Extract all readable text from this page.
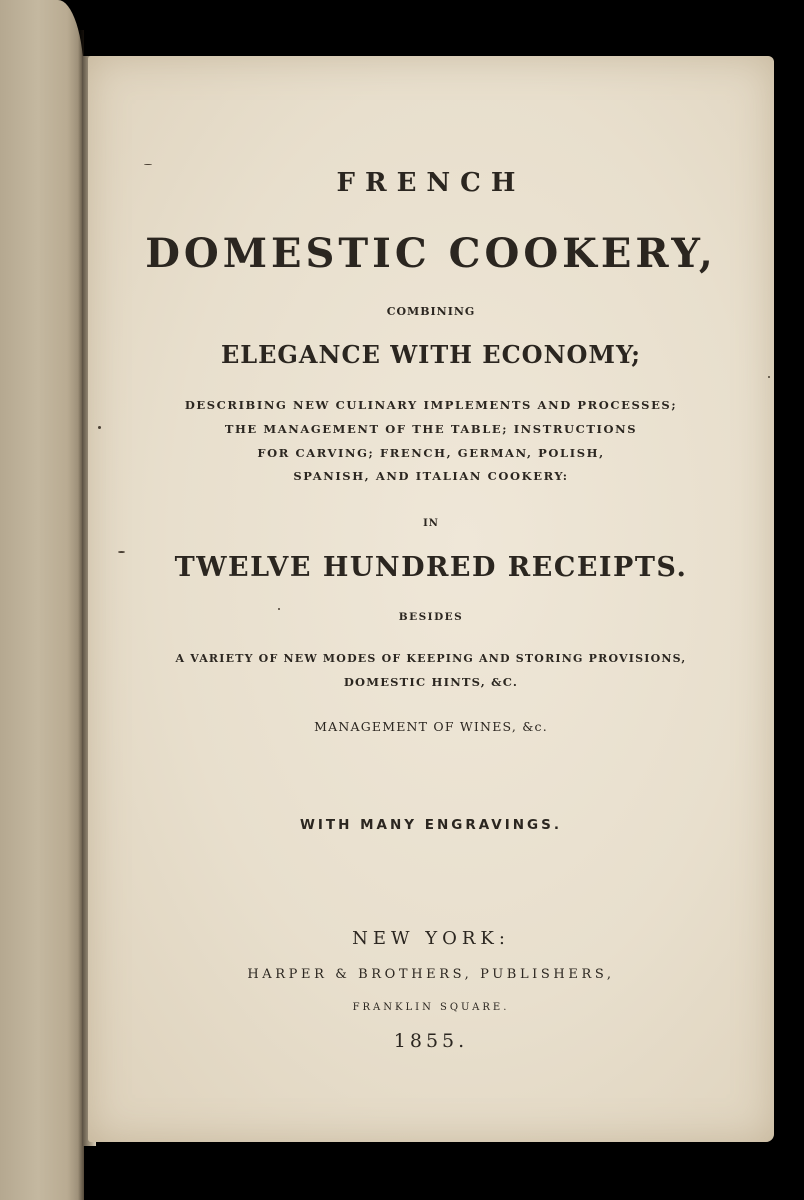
FRENCH
DOMESTIC COOKERY,
COMBINING
ELEGANCE WITH ECONOMY;
DESCRIBING NEW CULINARY IMPLEMENTS AND PROCESSES;
THE MANAGEMENT OF THE TABLE; INSTRUCTIONS
FOR CARVING; FRENCH, GERMAN, POLISH,
SPANISH, AND ITALIAN COOKERY:
IN
TWELVE HUNDRED RECEIPTS.
BESIDES
A VARIETY OF NEW MODES OF KEEPING AND STORING PROVISIONS,
DOMESTIC HINTS, &C.
MANAGEMENT OF WINES, &c.
WITH MANY ENGRAVINGS.
NEW YORK:
HARPER & BROTHERS, PUBLISHERS,
FRANKLIN SQUARE.
1855.
